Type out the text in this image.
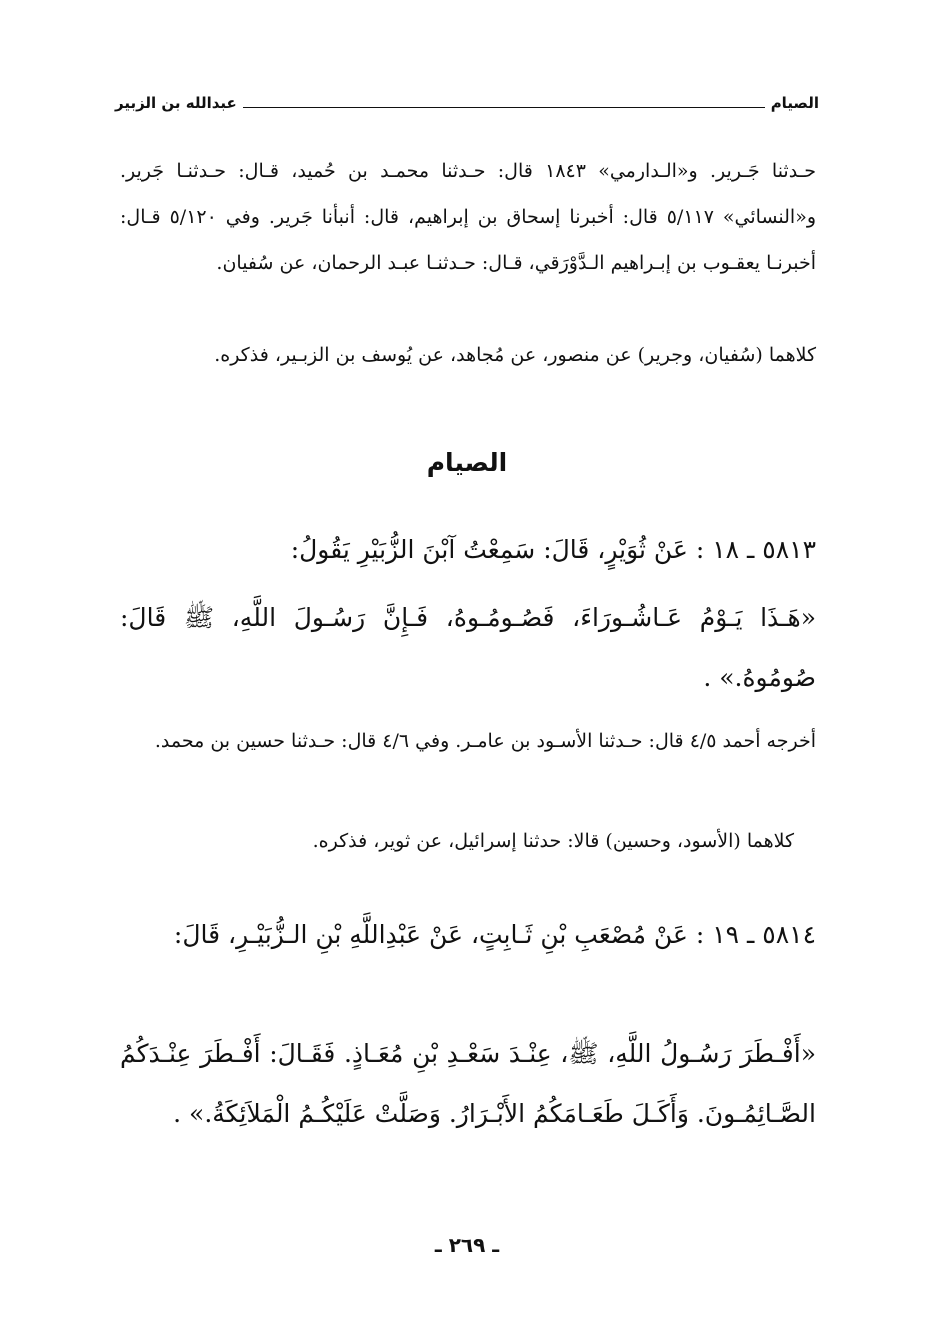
الصيام
عبدالله بن الزبير
حـدثنا جَـرير. و«الـدارمي» ١٨٤٣ قال: حـدثنا محمـد بن حُميد، قـال: حـدثنـا جَرير. و«النسائي» ٥/١١٧ قال: أخبرنا إسحاق بن إبراهيم، قال: أنبأنا جَرير. وفي ٥/١٢٠ قـال: أخبرنـا يعقـوب بن إبـراهيم الـدَّوْرَقي، قـال: حـدثنـا عبـد الرحمان، عن سُفيان.
كلاهما (سُفيان، وجرير) عن منصور، عن مُجاهد، عن يُوسف بن الزبـير، فذكره.
الصيام
٥٨١٣ ـ ١٨ : عَنْ ثُوَيْرٍ، قَالَ: سَمِعْتُ آبْنَ الزُّبَيْرِ يَقُولُ:
«هَـذَا يَـوْمُ عَـاشُـورَاءَ، فَصُـومُـوهُ، فَـإِنَّ رَسُـولَ اللَّهِ، ﷺ قَالَ: صُومُوهُ.» .
أخرجه أحمد ٤/٥ قال: حـدثنا الأسـود بن عامـر. وفي ٤/٦ قال: حـدثنا حسين بن محمد.
كلاهما (الأسود، وحسين) قالا: حدثنا إسرائيل، عن ثوير، فذكره.
٥٨١٤ ـ ١٩ : عَنْ مُصْعَبِ بْنِ ثَـابِتٍ، عَنْ عَبْدِاللَّهِ بْنِ الـزُّبَيْـرِ، قَالَ:
«أَفْـطَرَ رَسُـولُ اللَّهِ، ﷺ، عِنْـدَ سَعْـدِ بْنِ مُعَـاذٍ. فَقَـالَ: أَفْـطَرَ عِنْـدَكُمُ الصَّـائِمُـونَ. وَأَكَـلَ طَعَـامَكُمُ الأَبْـرَارُ. وَصَلَّتْ عَلَيْكُـمُ الْمَلاَئِكَةُ.» .
ـ ٢٦٩ ـ
